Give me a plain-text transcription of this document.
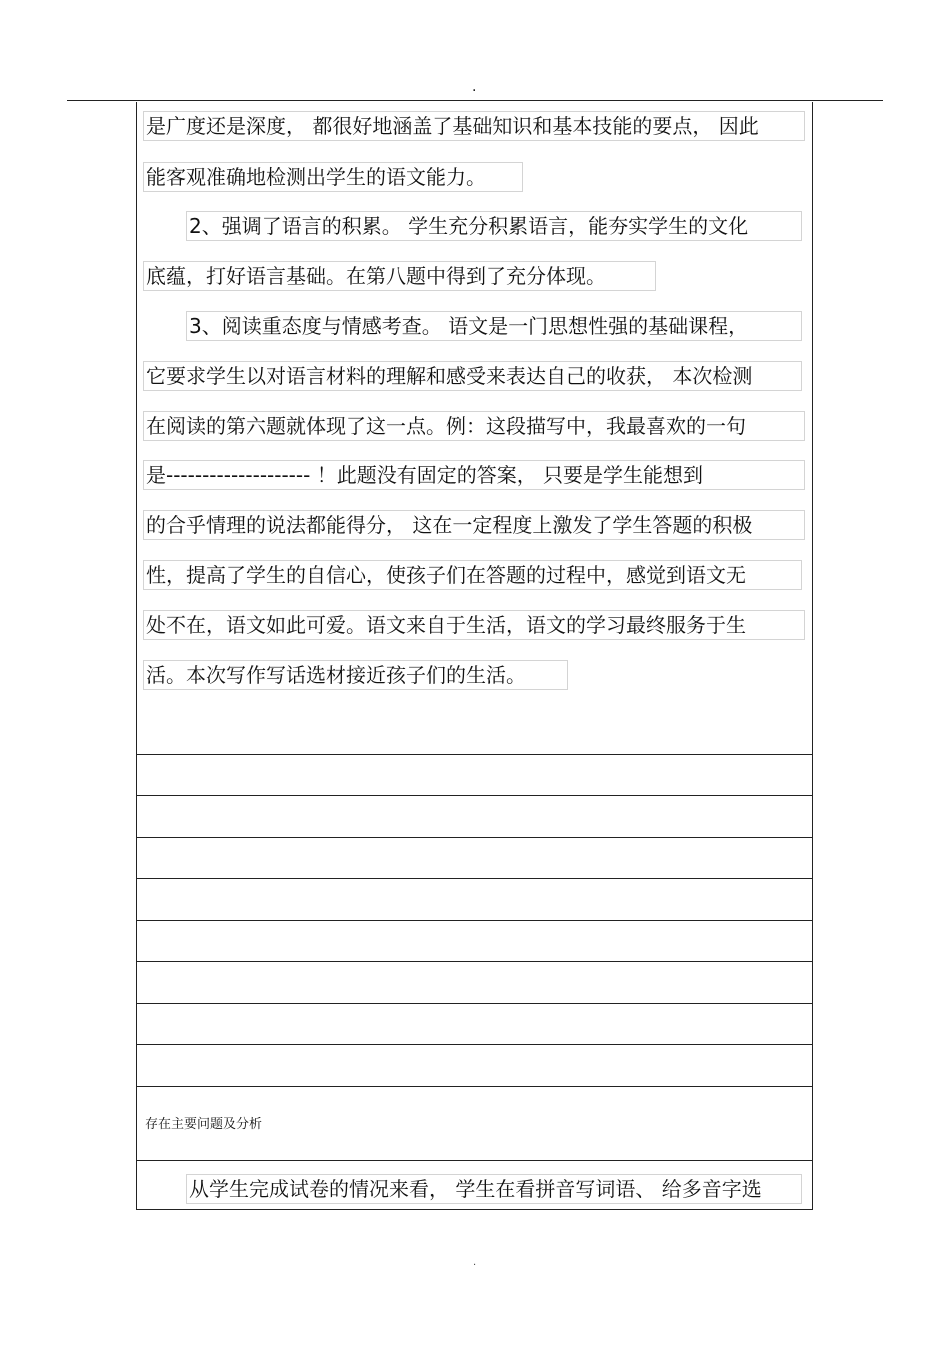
.
是广度还是深度， 都很好地涵盖了基础知识和基本技能的要点， 因此
能客观准确地检测出学生的语文能力。
2、强调了语言的积累。 学生充分积累语言，能夯实学生的文化
底蕴，打好语言基础。在第八题中得到了充分体现。
3、阅读重态度与情感考查。 语文是一门思想性强的基础课程，
它要求学生以对语言材料的理解和感受来表达自己的收获， 本次检测
在阅读的第六题就体现了这一点。例：这段描写中，我最喜欢的一句
是-------------------- ！此题没有固定的答案， 只要是学生能想到
的合乎情理的说法都能得分， 这在一定程度上激发了学生答题的积极
性，提高了学生的自信心，使孩子们在答题的过程中，感觉到语文无
处不在，语文如此可爱。语文来自于生活，语文的学习最终服务于生
活。本次写作写话选材接近孩子们的生活。
存在主要问题及分析
从学生完成试卷的情况来看， 学生在看拼音写词语、 给多音字选
.
